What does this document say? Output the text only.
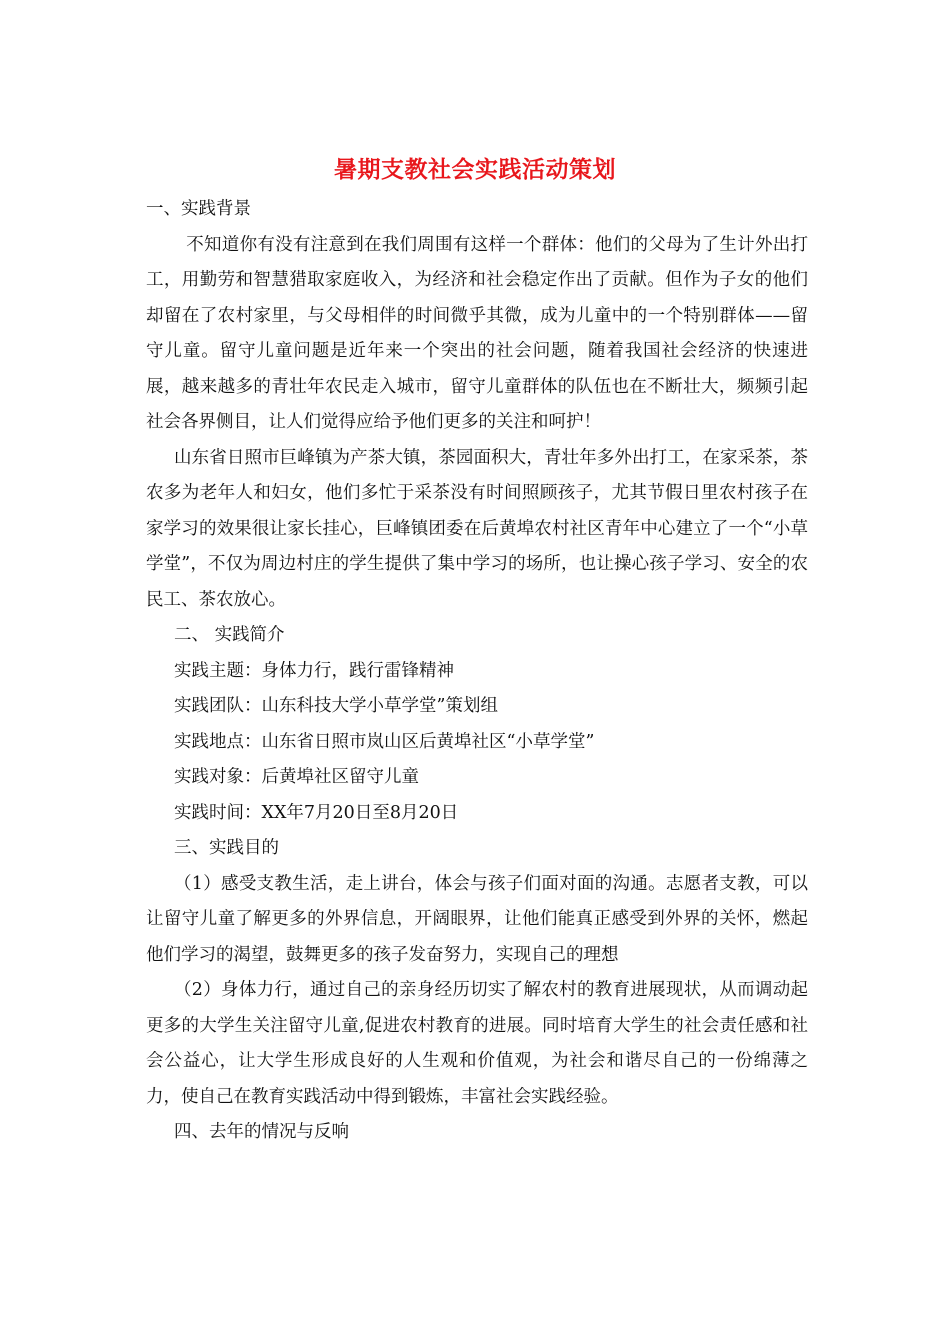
暑期支教社会实践活动策划

一、实践背景

不知道你有没有注意到在我们周围有这样一个群体：他们的父母为了生计外出打工，用勤劳和智慧猎取家庭收入，为经济和社会稳定作出了贡献。但作为子女的他们却留在了农村家里，与父母相伴的时间微乎其微，成为儿童中的一个特别群体——留守儿童。留守儿童问题是近年来一个突出的社会问题，随着我国社会经济的快速进展，越来越多的青壮年农民走入城市，留守儿童群体的队伍也在不断壮大，频频引起社会各界侧目，让人们觉得应给予他们更多的关注和呵护！

山东省日照市巨峰镇为产茶大镇，茶园面积大，青壮年多外出打工，在家采茶，茶农多为老年人和妇女，他们多忙于采茶没有时间照顾孩子，尤其节假日里农村孩子在家学习的效果很让家长挂心，巨峰镇团委在后黄埠农村社区青年中心建立了一个“小草学堂”，不仅为周边村庄的学生提供了集中学习的场所，也让操心孩子学习、安全的农民工、茶农放心。

二、 实践简介

实践主题：身体力行，践行雷锋精神

实践团队：山东科技大学小草学堂”策划组

实践地点：山东省日照市岚山区后黄埠社区“小草学堂”

实践对象：后黄埠社区留守儿童

实践时间：XX年7月20日至8月20日

三、实践目的

（1）感受支教生活，走上讲台，体会与孩子们面对面的沟通。志愿者支教，可以让留守儿童了解更多的外界信息，开阔眼界，让他们能真正感受到外界的关怀，燃起他们学习的渴望，鼓舞更多的孩子发奋努力，实现自己的理想

（2）身体力行，通过自己的亲身经历切实了解农村的教育进展现状，从而调动起更多的大学生关注留守儿童,促进农村教育的进展。同时培育大学生的社会责任感和社会公益心，让大学生形成良好的人生观和价值观，为社会和谐尽自己的一份绵薄之力，使自己在教育实践活动中得到锻炼，丰富社会实践经验。

四、去年的情况与反响
